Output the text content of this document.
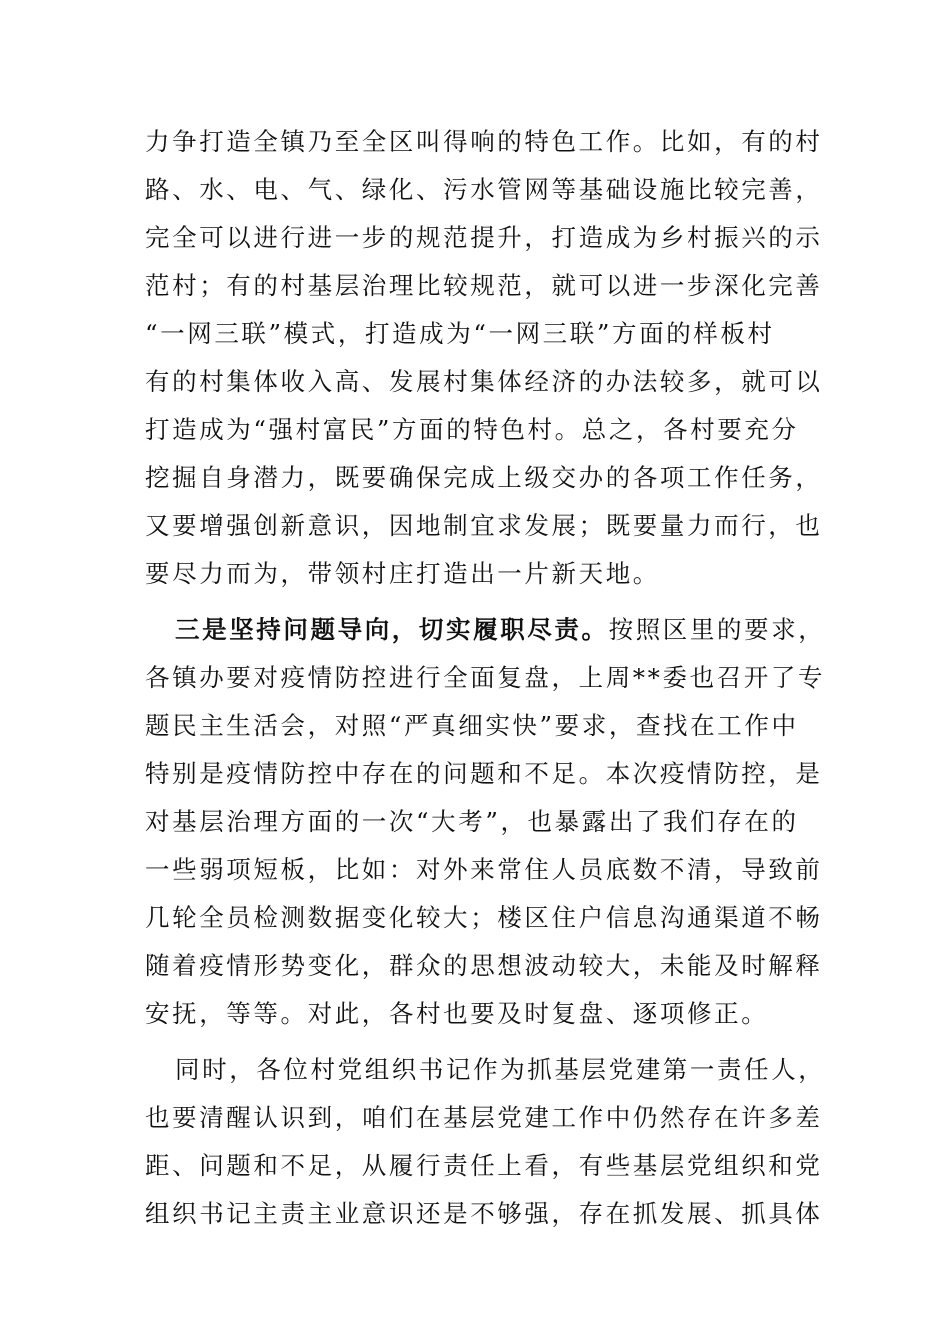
力争打造全镇乃至全区叫得响的特色工作。比如，有的村
路、水、电、气、绿化、污水管网等基础设施比较完善，
完全可以进行进一步的规范提升，打造成为乡村振兴的示
范村；有的村基层治理比较规范，就可以进一步深化完善
“一网三联”模式，打造成为“一网三联”方面的样板村
有的村集体收入高、发展村集体经济的办法较多，就可以
打造成为“强村富民”方面的特色村。总之，各村要充分
挖掘自身潜力，既要确保完成上级交办的各项工作任务，
又要增强创新意识，因地制宜求发展；既要量力而行，也
要尽力而为，带领村庄打造出一片新天地。
三是坚持问题导向，切实履职尽责。按照区里的要求，
各镇办要对疫情防控进行全面复盘，上周**委也召开了专
题民主生活会，对照“严真细实快”要求，查找在工作中
特别是疫情防控中存在的问题和不足。本次疫情防控，是
对基层治理方面的一次“大考”，也暴露出了我们存在的
一些弱项短板，比如：对外来常住人员底数不清，导致前
几轮全员检测数据变化较大；楼区住户信息沟通渠道不畅
随着疫情形势变化，群众的思想波动较大，未能及时解释
安抚，等等。对此，各村也要及时复盘、逐项修正。
同时，各位村党组织书记作为抓基层党建第一责任人，
也要清醒认识到，咱们在基层党建工作中仍然存在许多差
距、问题和不足，从履行责任上看，有些基层党组织和党
组织书记主责主业意识还是不够强，存在抓发展、抓具体
